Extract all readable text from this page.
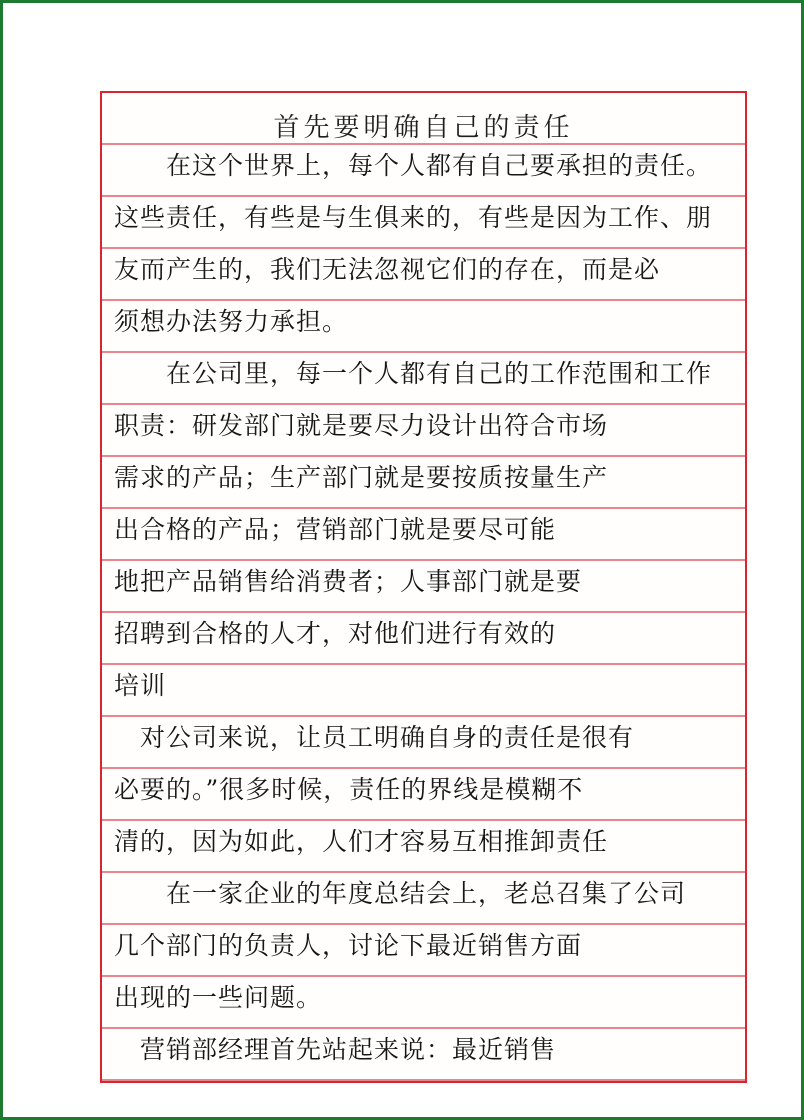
首先要明确自己的责任
　　在这个世界上，每个人都有自己要承担的责任。
这些责任，有些是与生俱来的，有些是因为工作、朋
友而产生的，我们无法忽视它们的存在，而是必
须想办法努力承担。
　　在公司里，每一个人都有自己的工作范围和工作
职责：研发部门就是要尽力设计出符合市场
需求的产品；生产部门就是要按质按量生产
出合格的产品；营销部门就是要尽可能
地把产品销售给消费者；人事部门就是要
招聘到合格的人才，对他们进行有效的
培训
　对公司来说，让员工明确自身的责任是很有
必要的。”很多时候，责任的界线是模糊不
清的，因为如此，人们才容易互相推卸责任
　　在一家企业的年度总结会上，老总召集了公司
几个部门的负责人，讨论下最近销售方面
出现的一些问题。
　营销部经理首先站起来说：最近销售
